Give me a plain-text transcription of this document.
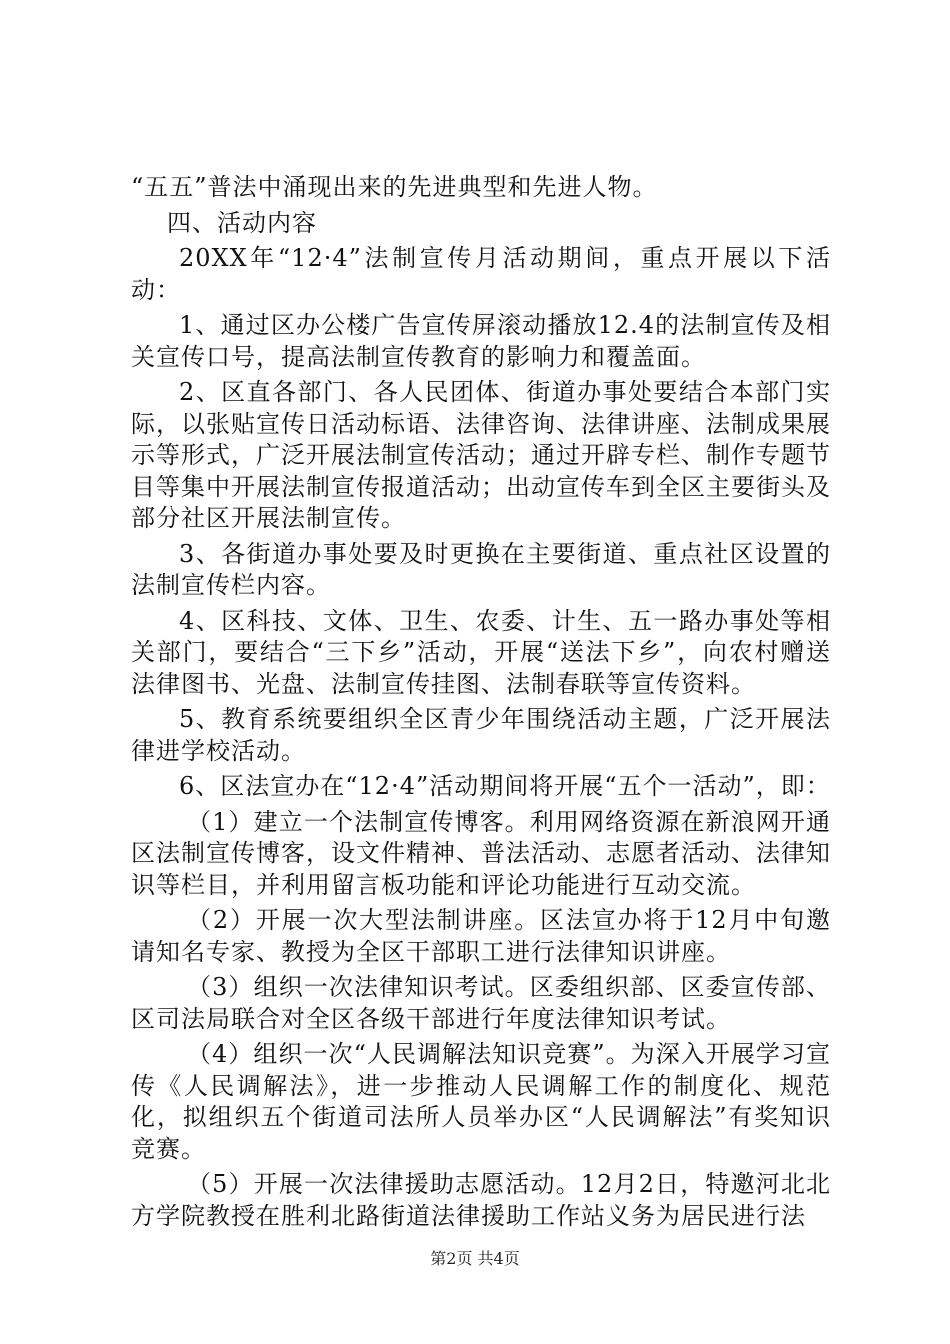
“五五”普法中涌现出来的先进典型和先进人物。

四、活动内容

20XX年“12·4”法制宣传月活动期间，重点开展以下活动：

1、通过区办公楼广告宣传屏滚动播放12.4的法制宣传及相关宣传口号，提高法制宣传教育的影响力和覆盖面。

2、区直各部门、各人民团体、街道办事处要结合本部门实际，以张贴宣传日活动标语、法律咨询、法律讲座、法制成果展示等形式，广泛开展法制宣传活动；通过开辟专栏、制作专题节目等集中开展法制宣传报道活动；出动宣传车到全区主要街头及部分社区开展法制宣传。

3、各街道办事处要及时更换在主要街道、重点社区设置的法制宣传栏内容。

4、区科技、文体、卫生、农委、计生、五一路办事处等相关部门，要结合“三下乡”活动，开展“送法下乡”，向农村赠送法律图书、光盘、法制宣传挂图、法制春联等宣传资料。

5、教育系统要组织全区青少年围绕活动主题，广泛开展法律进学校活动。

6、区法宣办在“12·4”活动期间将开展“五个一活动”，即：

（1）建立一个法制宣传博客。利用网络资源在新浪网开通区法制宣传博客，设文件精神、普法活动、志愿者活动、法律知识等栏目，并利用留言板功能和评论功能进行互动交流。

（2）开展一次大型法制讲座。区法宣办将于12月中旬邀请知名专家、教授为全区干部职工进行法律知识讲座。

（3）组织一次法律知识考试。区委组织部、区委宣传部、区司法局联合对全区各级干部进行年度法律知识考试。

（4）组织一次“人民调解法知识竞赛”。为深入开展学习宣传《人民调解法》，进一步推动人民调解工作的制度化、规范化，拟组织五个街道司法所人员举办区“人民调解法”有奖知识竞赛。

（5）开展一次法律援助志愿活动。12月2日，特邀河北北方学院教授在胜利北路街道法律援助工作站义务为居民进行法

第2页 共4页
